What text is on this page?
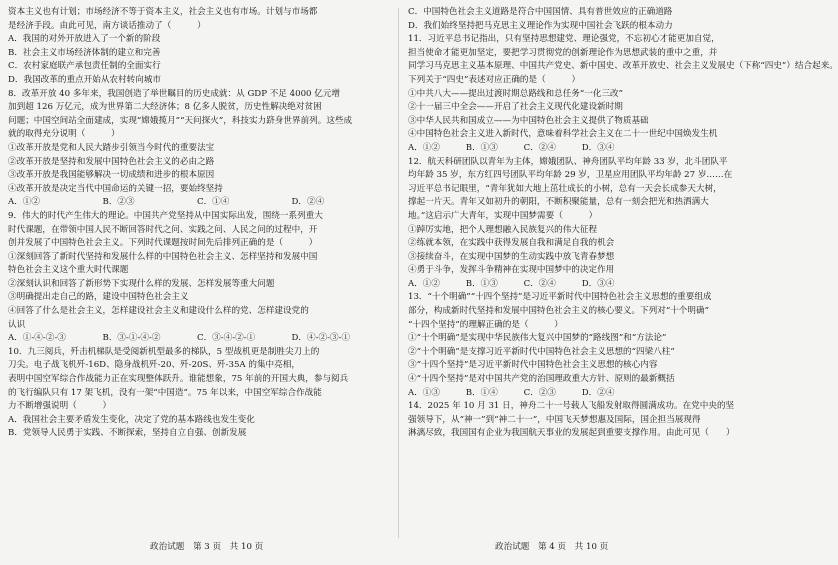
资本主义也有计划；市场经济不等于资本主义，社会主义也有市场。计划与市场都
是经济手段。由此可见，南方谈话推动了（　　　）
A．我国的对外开放进入了一个新的阶段
B．社会主义市场经济体制的建立和完善
C．农村家庭联产承包责任制的全面实行
D．我国改革的重点开始从农村转向城市
8．改革开放 40 多年来，我国创造了举世瞩目的历史成就：从 GDP 不足 4000 亿元增
加到超 126 万亿元，成为世界第二大经济体；8 亿多人脱贫，历史性解决绝对贫困
问题；中国空间站全面建成，实现“嫦娥揽月”“天问探火”，科技实力跻身世界前列。这些成
就的取得充分说明（　　　）
①改革开放是党和人民大踏步引领当今时代的重要法宝
②改革开放是坚持和发展中国特色社会主义的必由之路
③改革开放是我国能够解决一切成绩和进步的根本原因
④改革开放是决定当代中国命运的关键一招，要始终坚持
A．①②	B．②③	C．①④	D．②④
9．伟大的时代产生伟大的理论。中国共产党坚持从中国实际出发，围绕一系列重大
时代课题，在带领中国人民不断回答时代之问、实践之问、人民之问的过程中，开
创并发展了中国特色社会主义。下列时代课题按时间先后排列正确的是（　　　）
①深刻回答了新时代坚持和发展什么样的中国特色社会主义、怎样坚持和发展中国
特色社会主义这个重大时代课题
②深刻认识和回答了新形势下实现什么样的发展、怎样发展等重大问题
③明确提出走自己的路，建设中国特色社会主义
④回答了什么是社会主义，怎样建设社会主义和建设什么样的党、怎样建设党的
认识
A．①-④-②-③	B．③-①-④-②	C．③-④-②-①	D．④-②-③-①
10．九三阅兵，歼击机梯队是受阅新机型最多的梯队，5 型战机更是制胜尖刀上的
刀尖。电子战飞机歼-16D、隐身战机歼-20、歼-20S、歼-35A 的集中亮相，
表明中国空军综合作战能力正在实现整体跃升。谁能想象，75 年前的开国大典，参与阅兵
的飞行编队只有 17 架飞机，没有一架“中国造”。75 年以来，中国空军综合作战能
力不断增强说明（　　　）
A．我国社会主要矛盾发生变化，决定了党的基本路线也发生变化
B．党领导人民勇于实践、不断探索，坚持自立自强、创新发展
C．中国特色社会主义道路是符合中国国情、具有普世效应的正确道路
D．我们始终坚持把马克思主义理论作为实现中国社会飞跃的根本动力
11．习近平总书记指出，只有坚持思想建党、理论强党，不忘初心才能更加自觉，
担当使命才能更加坚定，要把学习贯彻党的创新理论作为思想武装的重中之重，并
同学习马克思主义基本原理、中国共产党史、新中国史、改革开放史、社会主义发展史（下称“四史”）结合起来。
下列关于“四史”表述对应正确的是（　　　）
①中共八大——提出过渡时期总路线和总任务“一化三改”
②十一届三中全会——开启了社会主义现代化建设新时期
③中华人民共和国成立——为中国特色社会主义提供了物质基础
④中国特色社会主义进入新时代，意味着科学社会主义在二十一世纪中国焕发生机
A．①②　　　B．①③　　　C．②④　　　D．③④
12．航天科研团队以青年为主体，嫦娥团队、神舟团队平均年龄 33 岁，北斗团队平
均年龄 35 岁，东方红四号团队平均年龄 29 岁，卫星应用团队平均年龄 27 岁……在
习近平总书记眼里，“青年犹如大地上茁壮成长的小树，总有一天会长成参天大树，
撑起一片天。青年又如初升的朝阳，不断积聚能量，总有一刻会把光和热洒满大
地。”这启示广大青年，实现中国梦需要（　　　）
①踔厉实地，把个人理想融入民族复兴的伟大征程
②练就本领，在实践中获得发展自我和满足自我的机会
③接续奋斗，在实现中国梦的生动实践中放飞青春梦想
④勇于斗争，发挥斗争精神在实现中国梦中的决定作用
A．①②　　　B．①③　　　C．②④　　　D．③④
13．“十个明确”“十四个坚持”是习近平新时代中国特色社会主义思想的重要组成
部分，构成新时代坚持和发展中国特色社会主义的核心要义。下列对“十个明确”
“十四个坚持”的理解正确的是（　　　）
①“十个明确”是实现中华民族伟大复兴中国梦的“路线图”和“方法论”
②“十个明确”是支撑习近平新时代中国特色社会主义思想的“四梁八柱”
③“十四个坚持”是习近平新时代中国特色社会主义思想的核心内容
④“十四个坚持”是对中国共产党的治国理政重大方针、原则的最新概括
A．①③　　　B．①④　　　C．②③　　　D．②④
14．2025 年 10 月 31 日，神舟二十一号载人飞船发射取得圆满成功。在党中央的坚
强领导下，从“神一”到“神二十一”，中国飞天梦想惠及国际，国企担当展现得
淋漓尽致，我国国有企业为我国航天事业的发展起到重要支撑作用。由此可见（　　）
政治试题　第 3 页　共 10 页	政治试题　第 4 页　共 10 页
